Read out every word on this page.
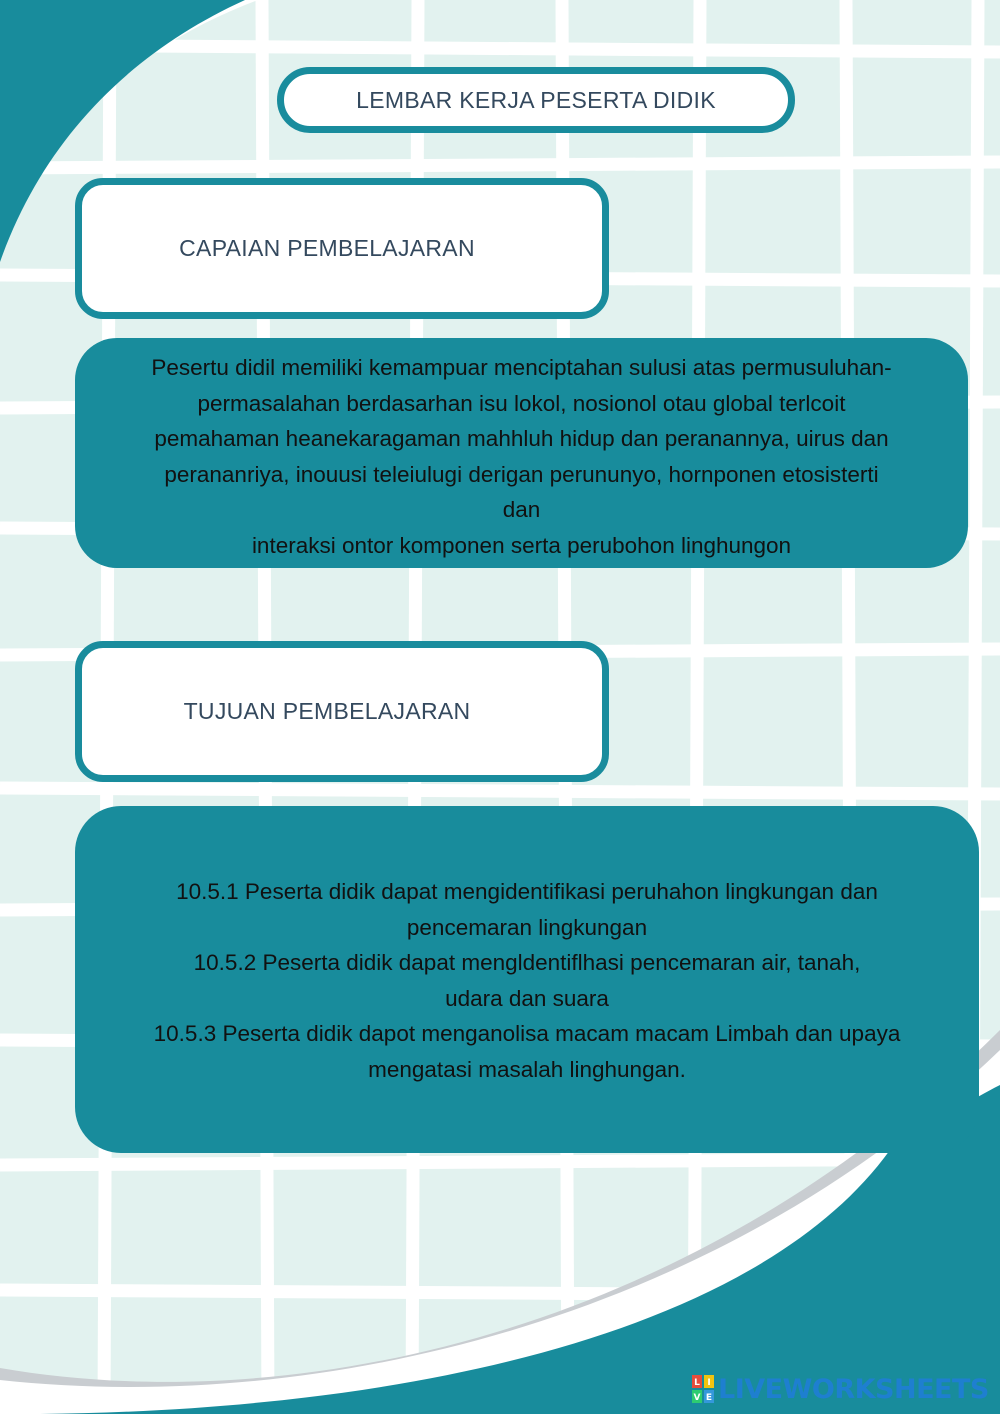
LEMBAR KERJA PESERTA DIDIK
CAPAIAN PEMBELAJARAN
Pesertu didil memiliki kemampuar menciptahan sulusi atas permusuluhan-
permasalahan berdasarhan isu lokol, nosionol otau global terlcoit
pemahaman heanekaragaman mahhluh hidup dan peranannya, uirus dan
perananriya, inouusi teleiulugi derigan perununyo, hornponen etosisterti
dan
interaksi ontor komponen serta perubohon linghungon
TUJUAN PEMBELAJARAN
10.5.1 Peserta didik dapat mengidentifikasi peruhahon lingkungan dan
pencemaran lingkungan
10.5.2 Peserta didik dapat mengldentiflhasi pencemaran air, tanah,
udara dan suara
10.5.3 Peserta didik dapot menganolisa macam macam Limbah dan upaya
mengatasi masalah linghungan.
L I
V E LIVEWORKSHEETS
